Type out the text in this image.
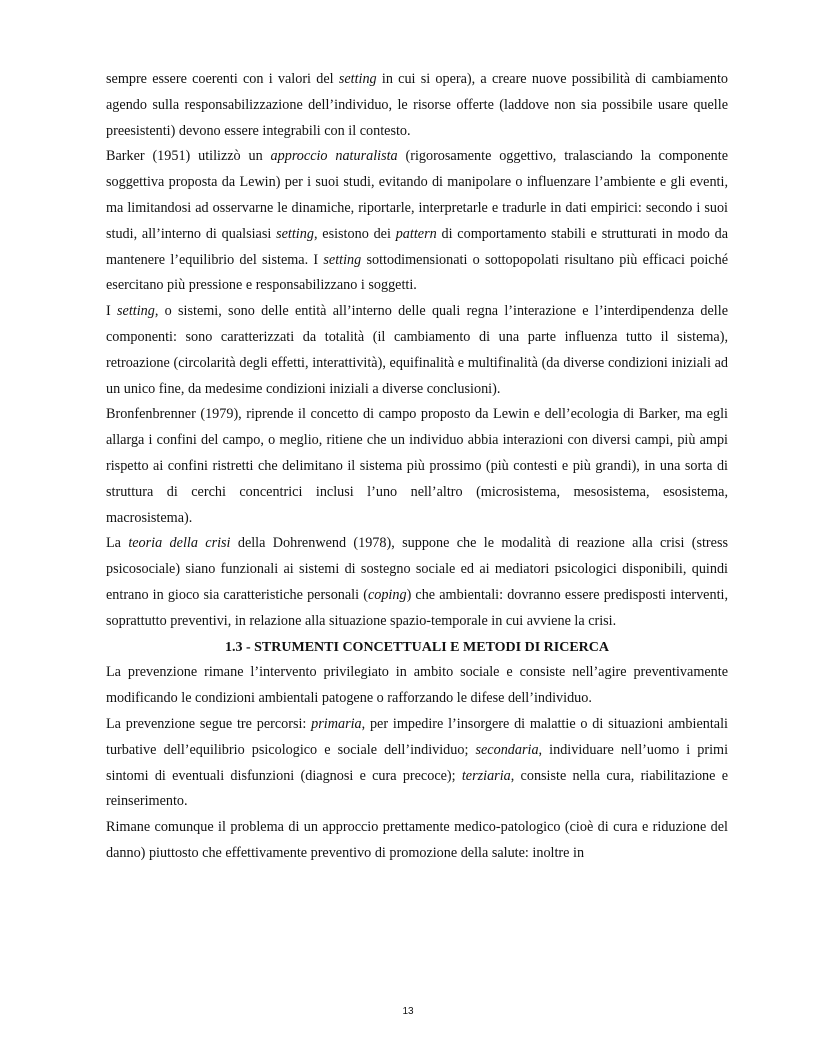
sempre essere coerenti con i valori del setting in cui si opera), a creare nuove possibilità di cambiamento agendo sulla responsabilizzazione dell’individuo, le risorse offerte (laddove non sia possibile usare quelle preesistenti) devono essere integrabili con il contesto.

Barker (1951) utilizzò un approccio naturalista (rigorosamente oggettivo, tralasciando la componente soggettiva proposta da Lewin) per i suoi studi, evitando di manipolare o influenzare l’ambiente e gli eventi, ma limitandosi ad osservarne le dinamiche, riportarle, interpretarle e tradurle in dati empirici: secondo i suoi studi, all’interno di qualsiasi setting, esistono dei pattern di comportamento stabili e strutturati in modo da mantenere l’equilibrio del sistema. I setting sottodimensionati o sottopopolati risultano più efficaci poiché esercitano più pressione e responsabilizzano i soggetti.

I setting, o sistemi, sono delle entità all’interno delle quali regna l’interazione e l’interdipendenza delle componenti: sono caratterizzati da totalità (il cambiamento di una parte influenza tutto il sistema), retroazione (circolarità degli effetti, interattività), equifinalità e multifinalità (da diverse condizioni iniziali ad un unico fine, da medesime condizioni iniziali a diverse conclusioni).

Bronfenbrenner (1979), riprende il concetto di campo proposto da Lewin e dell’ecologia di Barker, ma egli allarga i confini del campo, o meglio, ritiene che un individuo abbia interazioni con diversi campi, più ampi rispetto ai confini ristretti che delimitano il sistema più prossimo (più contesti e più grandi), in una sorta di struttura di cerchi concentrici inclusi l’uno nell’altro (microsistema, mesosistema, esosistema, macrosistema).

La teoria della crisi della Dohrenwend (1978), suppone che le modalità di reazione alla crisi (stress psicosociale) siano funzionali ai sistemi di sostegno sociale ed ai mediatori psicologici disponibili, quindi entrano in gioco sia caratteristiche personali (coping) che ambientali: dovranno essere predisposti interventi, soprattutto preventivi, in relazione alla situazione spazio-temporale in cui avviene la crisi.

1.3 - STRUMENTI CONCETTUALI E METODI DI RICERCA

La prevenzione rimane l’intervento privilegiato in ambito sociale e consiste nell’agire preventivamente modificando le condizioni ambientali patogene o rafforzando le difese dell’individuo.

La prevenzione segue tre percorsi: primaria, per impedire l’insorgere di malattie o di situazioni ambientali turbative dell’equilibrio psicologico e sociale dell’individuo; secondaria, individuare nell’uomo i primi sintomi di eventuali disfunzioni (diagnosi e cura precoce); terziaria, consiste nella cura, riabilitazione e reinserimento.

Rimane comunque il problema di un approccio prettamente medico-patologico (cioè di cura e riduzione del danno) piuttosto che effettivamente preventivo di promozione della salute: inoltre in

13
